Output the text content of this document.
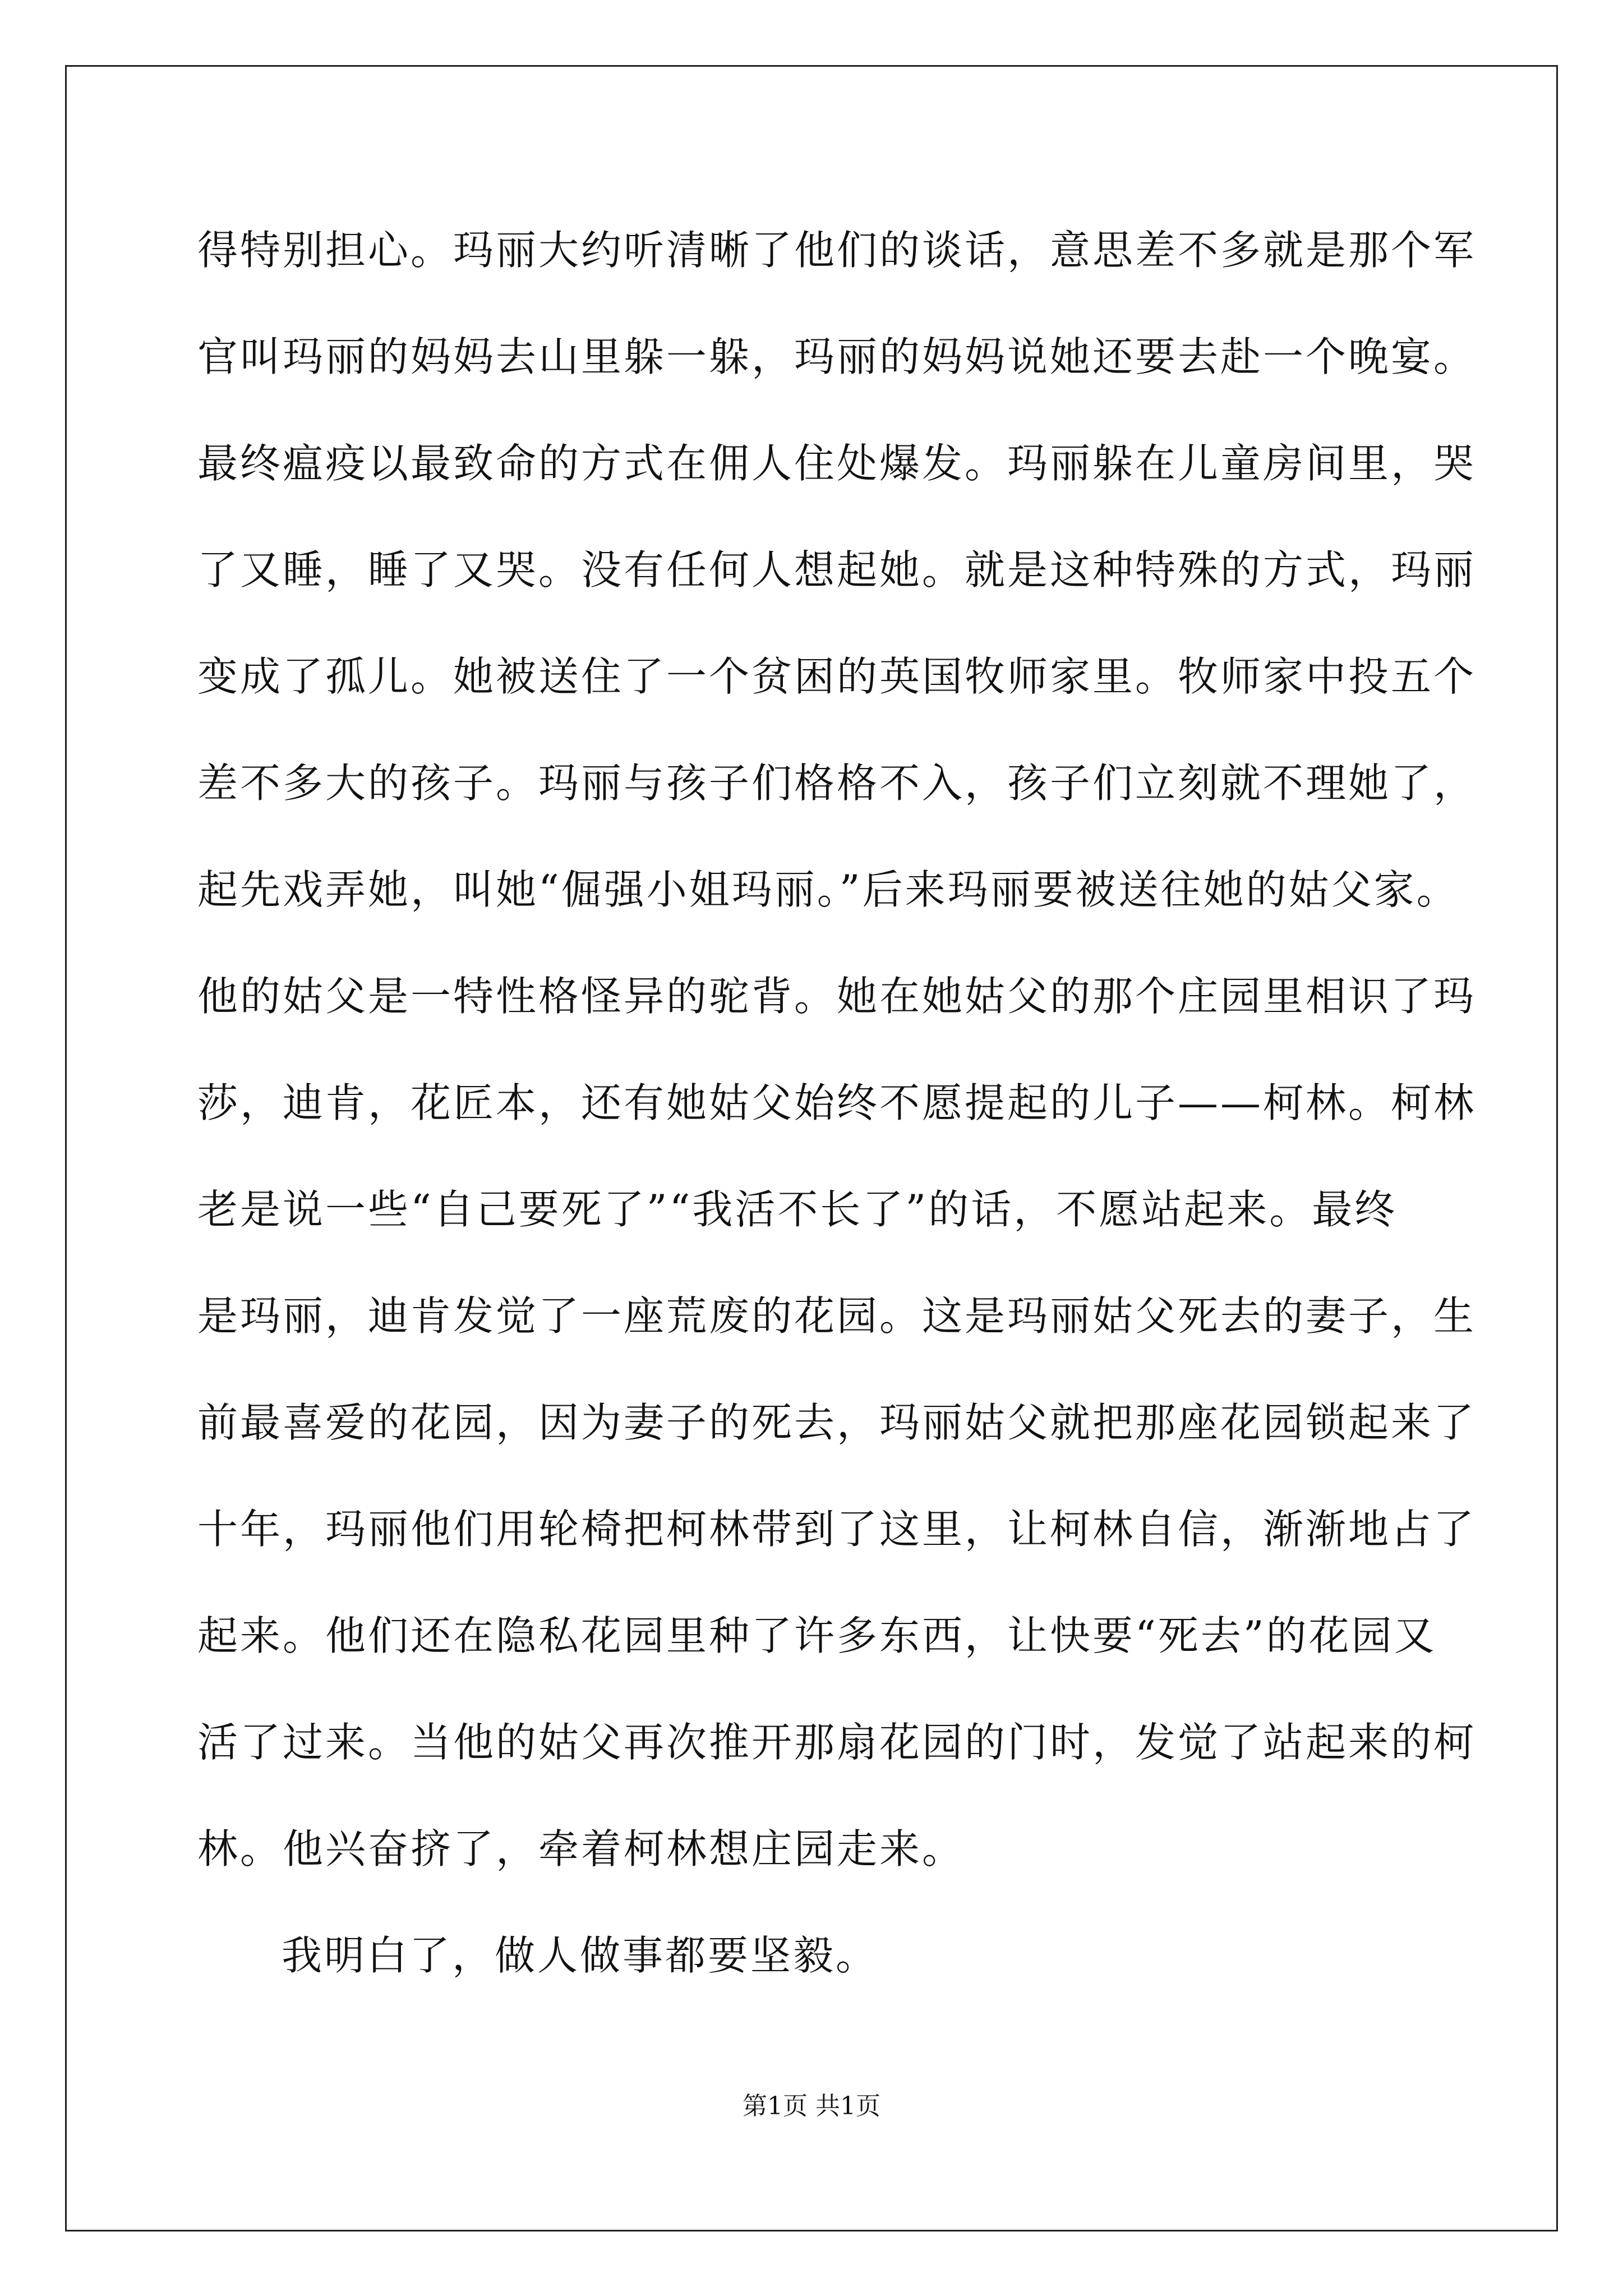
得特别担心。玛丽大约听清晰了他们的谈话，意思差不多就是那个军
官叫玛丽的妈妈去山里躲一躲，玛丽的妈妈说她还要去赴一个晚宴。
最终瘟疫以最致命的方式在佣人住处爆发。玛丽躲在儿童房间里，哭
了又睡，睡了又哭。没有任何人想起她。就是这种特殊的方式，玛丽
变成了孤儿。她被送住了一个贫困的英国牧师家里。牧师家中投五个
差不多大的孩子。玛丽与孩子们格格不入，孩子们立刻就不理她了，
起先戏弄她，叫她“倔强小姐玛丽。”后来玛丽要被送往她的姑父家。
他的姑父是一特性格怪异的驼背。她在她姑父的那个庄园里相识了玛
莎，迪肯，花匠本，还有她姑父始终不愿提起的儿子——柯林。柯林
老是说一些“自己要死了”“我活不长了”的话，不愿站起来。最终
是玛丽，迪肯发觉了一座荒废的花园。这是玛丽姑父死去的妻子，生
前最喜爱的花园，因为妻子的死去，玛丽姑父就把那座花园锁起来了
十年，玛丽他们用轮椅把柯林带到了这里，让柯林自信，渐渐地占了
起来。他们还在隐私花园里种了许多东西，让快要“死去”的花园又
活了过来。当他的姑父再次推开那扇花园的门时，发觉了站起来的柯
林。他兴奋挤了，牵着柯林想庄园走来。
我明白了，做人做事都要坚毅。
第1页 共1页
